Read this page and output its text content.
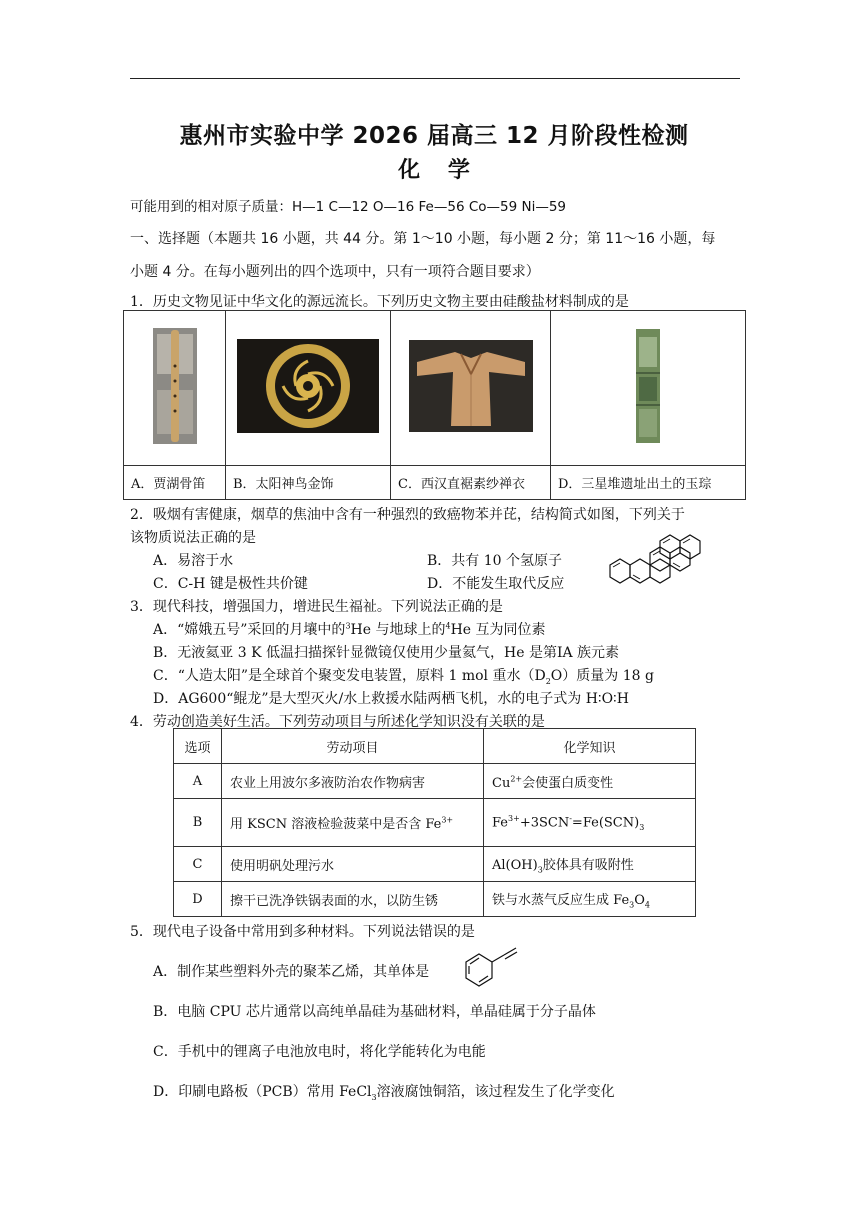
惠州市实验中学 2026 届高三 12 月阶段性检测
化 学
可能用到的相对原子质量：H—1 C—12 O—16 Fe—56 Co—59 Ni—59
一、选择题（本题共 16 小题，共 44 分。第 1～10 小题，每小题 2 分；第 11～16 小题，每
小题 4 分。在每小题列出的四个选项中，只有一项符合题目要求）
1．历史文物见证中华文化的源远流长。下列历史文物主要由硅酸盐材料制成的是

A．贾湖骨笛	B．太阳神鸟金饰	C．西汉直裾素纱禅衣	D．三星堆遗址出土的玉琮
2．吸烟有害健康，烟草的焦油中含有一种强烈的致癌物苯并芘，结构简式如图，下列关于
该物质说法正确的是
A．易溶于水	B．共有 10 个氢原子
C．C-H 键是极性共价键	D．不能发生取代反应
3．现代科技，增强国力，增进民生福祉。下列说法正确的是
A．“嫦娥五号”采回的月壤中的$^3$He 与地球上的$^4$He 互为同位素
B．无液氦亚 3 K 低温扫描探针显微镜仅使用少量氦气，He 是第ⅠA 族元素
C．“人造太阳”是全球首个聚变发电装置，原料 1 mol 重水$(D_2O)$质量为 18 g
D．AG600“鲲龙”是大型灭火/水上救援水陆两栖飞机，水的电子式为 H∶O∶H
4．劳动创造美好生活。下列劳动项目与所述化学知识没有关联的是
选项	劳动项目	化学知识
A	农业上用波尔多液防治农作物病害	$Cu^{2+}$会使蛋白质变性
B	用 KSCN 溶液检验菠菜中是否含 $Fe^{3+}$	$Fe^{3+}+3SCN^-=Fe(SCN)_3$
C	使用明矾处理污水	$Al(OH)_3$胶体具有吸附性
D	擦干已洗净铁锅表面的水，以防生锈	铁与水蒸气反应生成 $Fe_3O_4$
5．现代电子设备中常用到多种材料。下列说法错误的是
A．制作某些塑料外壳的聚苯乙烯，其单体是
B．电脑 CPU 芯片通常以高纯单晶硅为基础材料，单晶硅属于分子晶体
C．手机中的锂离子电池放电时，将化学能转化为电能
D．印刷电路板（PCB）常用 FeCl$_3$溶液腐蚀铜箔，该过程发生了化学变化
